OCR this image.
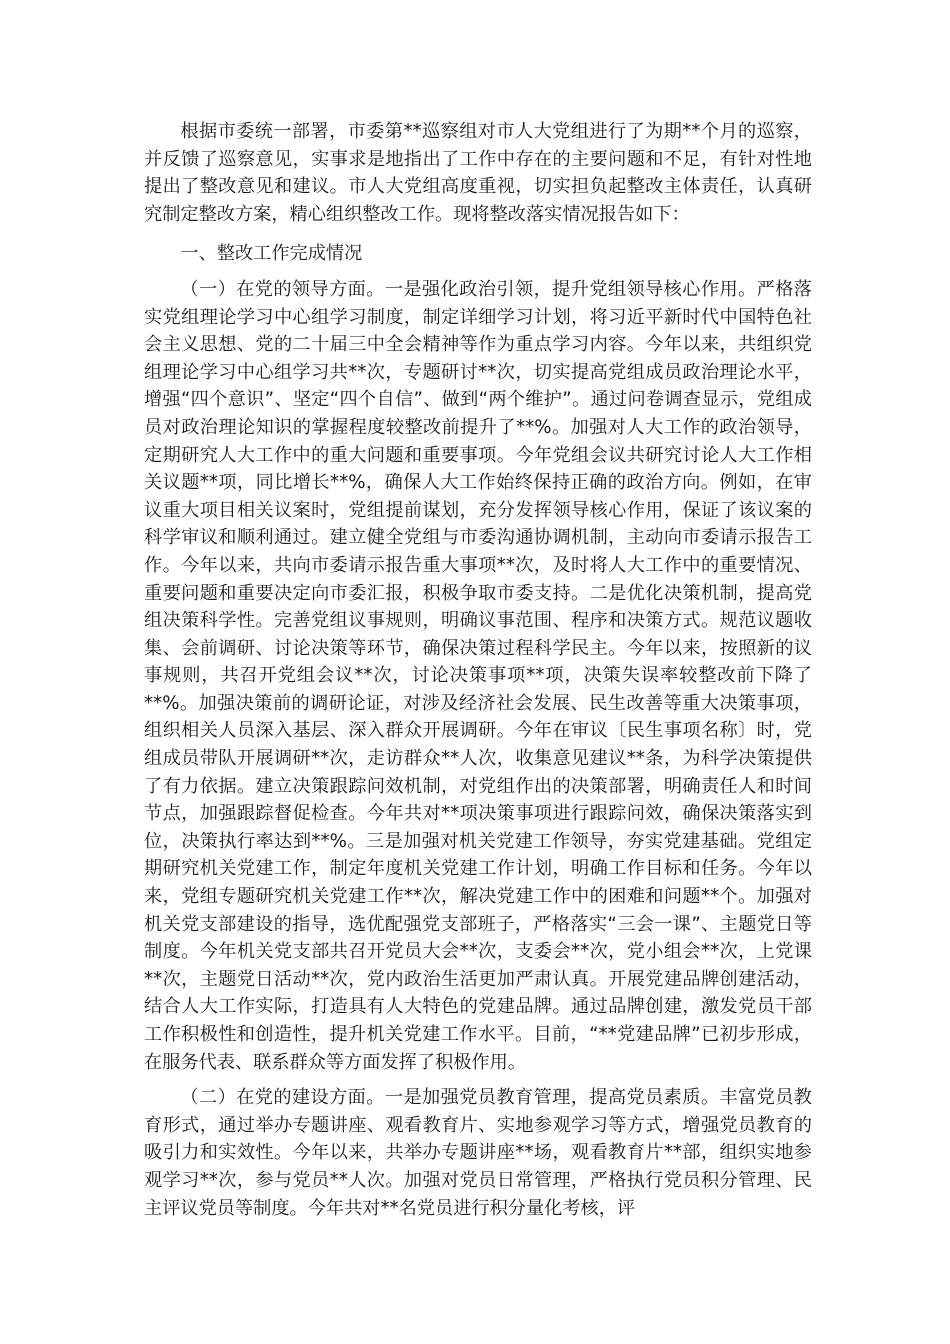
根据市委统一部署，市委第**巡察组对市人大党组进行了为期**个月的巡察，并反馈了巡察意见，实事求是地指出了工作中存在的主要问题和不足，有针对性地提出了整改意见和建议。市人大党组高度重视，切实担负起整改主体责任，认真研究制定整改方案，精心组织整改工作。现将整改落实情况报告如下：

一、整改工作完成情况

（一）在党的领导方面。一是强化政治引领，提升党组领导核心作用。严格落实党组理论学习中心组学习制度，制定详细学习计划，将习近平新时代中国特色社会主义思想、党的二十届三中全会精神等作为重点学习内容。今年以来，共组织党组理论学习中心组学习共**次，专题研讨**次，切实提高党组成员政治理论水平，增强“四个意识”、坚定“四个自信”、做到“两个维护”。通过问卷调查显示，党组成员对政治理论知识的掌握程度较整改前提升了**%。加强对人大工作的政治领导，定期研究人大工作中的重大问题和重要事项。今年党组会议共研究讨论人大工作相关议题**项，同比增长**%，确保人大工作始终保持正确的政治方向。例如，在审议重大项目相关议案时，党组提前谋划，充分发挥领导核心作用，保证了该议案的科学审议和顺利通过。建立健全党组与市委沟通协调机制，主动向市委请示报告工作。今年以来，共向市委请示报告重大事项**次，及时将人大工作中的重要情况、重要问题和重要决定向市委汇报，积极争取市委支持。二是优化决策机制，提高党组决策科学性。完善党组议事规则，明确议事范围、程序和决策方式。规范议题收集、会前调研、讨论决策等环节，确保决策过程科学民主。今年以来，按照新的议事规则，共召开党组会议**次，讨论决策事项**项，决策失误率较整改前下降了**%。加强决策前的调研论证，对涉及经济社会发展、民生改善等重大决策事项，组织相关人员深入基层、深入群众开展调研。今年在审议〔民生事项名称〕时，党组成员带队开展调研**次，走访群众**人次，收集意见建议**条，为科学决策提供了有力依据。建立决策跟踪问效机制，对党组作出的决策部署，明确责任人和时间节点，加强跟踪督促检查。今年共对**项决策事项进行跟踪问效，确保决策落实到位，决策执行率达到**%。三是加强对机关党建工作领导，夯实党建基础。党组定期研究机关党建工作，制定年度机关党建工作计划，明确工作目标和任务。今年以来，党组专题研究机关党建工作**次，解决党建工作中的困难和问题**个。加强对机关党支部建设的指导，选优配强党支部班子，严格落实“三会一课”、主题党日等制度。今年机关党支部共召开党员大会**次，支委会**次，党小组会**次，上党课**次，主题党日活动**次，党内政治生活更加严肃认真。开展党建品牌创建活动，结合人大工作实际，打造具有人大特色的党建品牌。通过品牌创建，激发党员干部工作积极性和创造性，提升机关党建工作水平。目前，“**党建品牌”已初步形成，在服务代表、联系群众等方面发挥了积极作用。

（二）在党的建设方面。一是加强党员教育管理，提高党员素质。丰富党员教育形式，通过举办专题讲座、观看教育片、实地参观学习等方式，增强党员教育的吸引力和实效性。今年以来，共举办专题讲座**场，观看教育片**部，组织实地参观学习**次，参与党员**人次。加强对党员日常管理，严格执行党员积分管理、民主评议党员等制度。今年共对**名党员进行积分量化考核，评
